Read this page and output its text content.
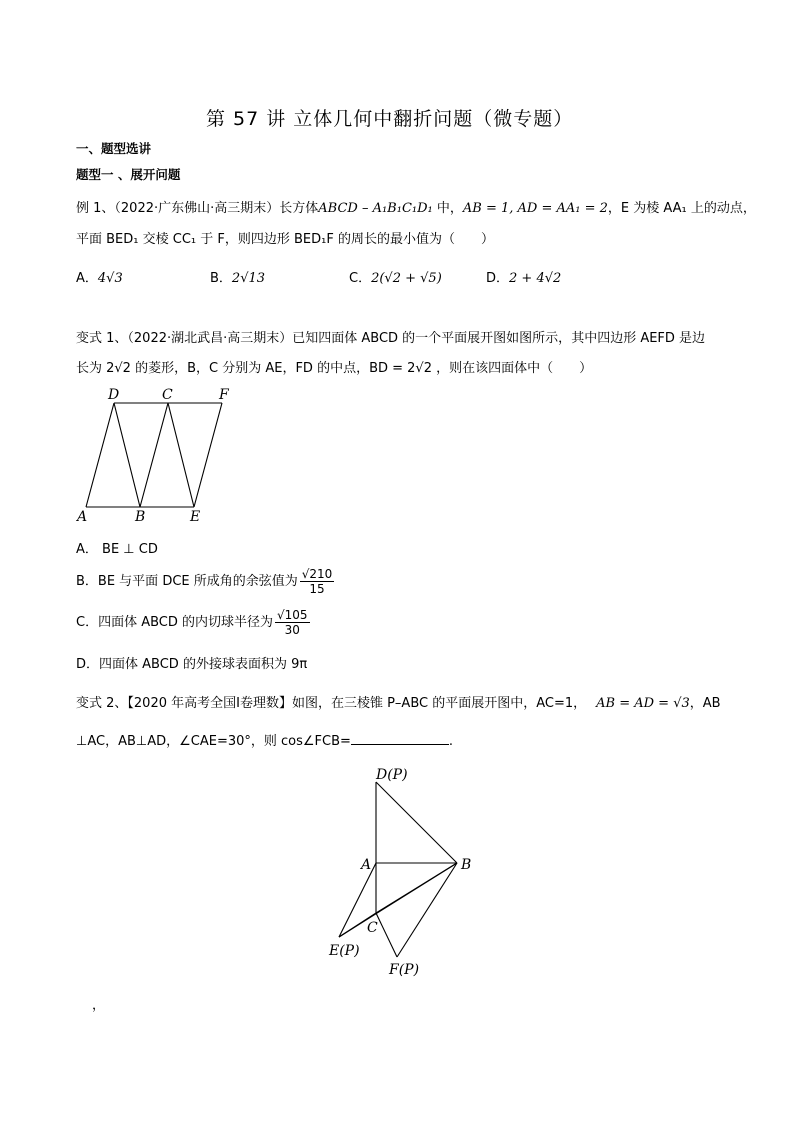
第 57 讲 立体几何中翻折问题（微专题）
一、题型选讲
题型一 、展开问题
例 1、（2022·广东佛山·高三期末）长方体ABCD – A₁B₁C₁D₁ 中，AB = 1, AD = AA₁ = 2，E 为棱 AA₁ 上的动点，
平面 BED₁ 交棱 CC₁ 于 F，则四边形 BED₁F 的周长的最小值为（　　）
A．4√3	B．2√13	C．2(√2 + √5)	D．2 + 4√2
变式 1、（2022·湖北武昌·高三期末）已知四面体 ABCD 的一个平面展开图如图所示，其中四边形 AEFD 是边
长为 2√2 的菱形，B，C 分别为 AE，FD 的中点，BD = 2√2 ，则在该四面体中（　　）
D	C	F
A	B	E
A． BE ⊥ CD
B．BE 与平面 DCE 所成角的余弦值为 $\frac{√210}{15}$
C．四面体 ABCD 的内切球半径为 $\frac{√105}{30}$
D．四面体 ABCD 的外接球表面积为 9π
变式 2、【2020 年高考全国Ⅰ卷理数】如图，在三棱锥 P–ABC 的平面展开图中，AC=1， AB = AD = √3，AB
⊥AC，AB⊥AD，∠CAE=30°，则 cos∠FCB=	.
D(P)
A	B
C
E(P)
F(P)
，
